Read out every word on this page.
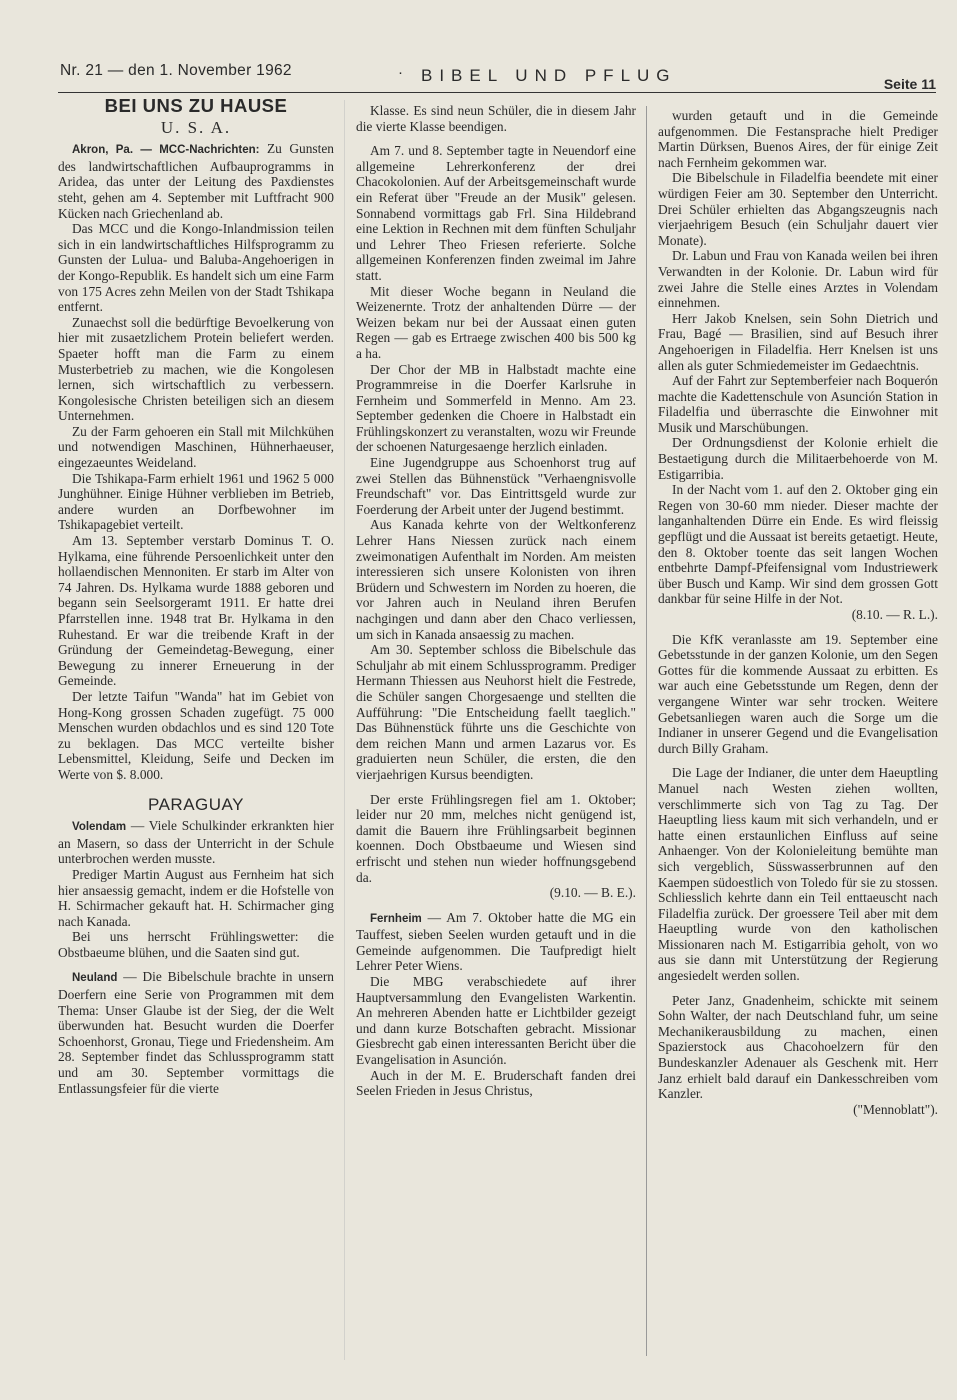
Nr. 21 — den 1. November 1962	· BIBEL UND PFLUG	Seite 11
BEI UNS ZU HAUSE
U. S. A.

Akron, Pa. — MCC-Nachrichten: Zu Gunsten des landwirtschaftlichen Aufbauprogramms in Aridea, das unter der Leitung des Paxdienstes steht, gehen am 4. September mit Luftfracht 900 Kücken nach Griechenland ab.

Das MCC und die Kongo-Inlandmission teilen sich in ein landwirtschaftliches Hilfsprogramm zu Gunsten der Lulua- und Baluba-Angehoerigen in der Kongo-Republik. Es handelt sich um eine Farm von 175 Acres zehn Meilen von der Stadt Tshikapa entfernt.

Zunaechst soll die bedürftige Bevoelkerung von hier mit zusaetzlichem Protein beliefert werden. Spaeter hofft man die Farm zu einem Musterbetrieb zu machen, wie die Kongolesen lernen, sich wirtschaftlich zu verbessern. Kongolesische Christen beteiligen sich an diesem Unternehmen.

Zu der Farm gehoeren ein Stall mit Milchkühen und notwendigen Maschinen, Hühnerhaeuser, eingezaeuntes Weideland.

Die Tshikapa-Farm erhielt 1961 und 1962 5 000 Junghühner. Einige Hühner verblieben im Betrieb, andere wurden an Dorfbewohner im Tshikapagebiet verteilt.

Am 13. September verstarb Dominus T. O. Hylkama, eine führende Persoenlichkeit unter den hollaendischen Mennoniten. Er starb im Alter von 74 Jahren. Ds. Hylkama wurde 1888 geboren und begann sein Seelsorgeramt 1911. Er hatte drei Pfarrstellen inne. 1948 trat Br. Hylkama in den Ruhestand. Er war die treibende Kraft in der Gründung der Gemeindetag-Bewegung, einer Bewegung zu innerer Erneuerung in der Gemeinde.

Der letzte Taifun "Wanda" hat im Gebiet von Hong-Kong grossen Schaden zugefügt. 75 000 Menschen wurden obdachlos und es sind 120 Tote zu beklagen. Das MCC verteilte bisher Lebensmittel, Kleidung, Seife und Decken im Werte von $. 8.000.

PARAGUAY

Volendam — Viele Schulkinder erkrankten hier an Masern, so dass der Unterricht in der Schule unterbrochen werden musste.

Prediger Martin August aus Fernheim hat sich hier ansaessig gemacht, indem er die Hofstelle von H. Schirmacher gekauft hat. H. Schirmacher ging nach Kanada.

Bei uns herrscht Frühlingswetter: die Obstbaeume blühen, und die Saaten sind gut.

Neuland — Die Bibelschule brachte in unsern Doerfern eine Serie von Programmen mit dem Thema: Unser Glaube ist der Sieg, der die Welt überwunden hat. Besucht wurden die Doerfer Schoenhorst, Gronau, Tiege und Friedensheim. Am 28. September findet das Schlussprogramm statt und am 30. September vormittags die Entlassungsfeier für die vierte

Klasse. Es sind neun Schüler, die in diesem Jahr die vierte Klasse beendigen.

Am 7. und 8. September tagte in Neuendorf eine allgemeine Lehrerkonferenz der drei Chacokolonien. Auf der Arbeitsgemeinschaft wurde ein Referat über "Freude an der Musik" gelesen. Sonnabend vormittags gab Frl. Sina Hildebrand eine Lektion in Rechnen mit dem fünften Schuljahr und Lehrer Theo Friesen referierte. Solche allgemeinen Konferenzen finden zweimal im Jahre statt.

Mit dieser Woche begann in Neuland die Weizenernte. Trotz der anhaltenden Dürre — der Weizen bekam nur bei der Aussaat einen guten Regen — gab es Ertraege zwischen 400 bis 500 kg a ha.

Der Chor der MB in Halbstadt machte eine Programmreise in die Doerfer Karlsruhe in Fernheim und Sommerfeld in Menno. Am 23. September gedenken die Choere in Halbstadt ein Frühlingskonzert zu veranstalten, wozu wir Freunde der schoenen Naturgesaenge herzlich einladen.

Eine Jugendgruppe aus Schoenhorst trug auf zwei Stellen das Bühnenstück "Verhaengnisvolle Freundschaft" vor. Das Eintrittsgeld wurde zur Foerderung der Arbeit unter der Jugend bestimmt.

Aus Kanada kehrte von der Weltkonferenz Lehrer Hans Niessen zurück nach einem zweimonatigen Aufenthalt im Norden. Am meisten interessieren sich unsere Kolonisten von ihren Brüdern und Schwestern im Norden zu hoeren, die vor Jahren auch in Neuland ihren Berufen nachgingen und dann aber den Chaco verliessen, um sich in Kanada ansaessig zu machen.

Am 30. September schloss die Bibelschule das Schuljahr ab mit einem Schlussprogramm. Prediger Hermann Thiessen aus Neuhorst hielt die Festrede, die Schüler sangen Chorgesaenge und stellten die Aufführung: "Die Entscheidung faellt taeglich." Das Bühnenstück führte uns die Geschichte von dem reichen Mann und armen Lazarus vor. Es graduierten neun Schüler, die ersten, die den vierjaehrigen Kursus beendigten.

Der erste Frühlingsregen fiel am 1. Oktober; leider nur 20 mm, melches nicht genügend ist, damit die Bauern ihre Frühlingsarbeit beginnen koennen. Doch Obstbaeume und Wiesen sind erfrischt und stehen nun wieder hoffnungsgebend da.
(9.10. — B. E.).

Fernheim — Am 7. Oktober hatte die MG ein Tauffest, sieben Seelen wurden getauft und in die Gemeinde aufgenommen. Die Taufpredigt hielt Lehrer Peter Wiens.

Die MBG verabschiedete auf ihrer Hauptversammlung den Evangelisten Warkentin. An mehreren Abenden hatte er Lichtbilder gezeigt und dann kurze Botschaften gebracht. Missionar Giesbrecht gab einen interessanten Bericht über die Evangelisation in Asunción.

Auch in der M. E. Bruderschaft fanden drei Seelen Frieden in Jesus Christus,

wurden getauft und in die Gemeinde aufgenommen. Die Festansprache hielt Prediger Martin Dürksen, Buenos Aires, der für einige Zeit nach Fernheim gekommen war.

Die Bibelschule in Filadelfia beendete mit einer würdigen Feier am 30. September den Unterricht. Drei Schüler erhielten das Abgangszeugnis nach vierjaehrigem Besuch (ein Schuljahr dauert vier Monate).

Dr. Labun und Frau von Kanada weilen bei ihren Verwandten in der Kolonie. Dr. Labun wird für zwei Jahre die Stelle eines Arztes in Volendam einnehmen.

Herr Jakob Knelsen, sein Sohn Dietrich und Frau, Bagé — Brasilien, sind auf Besuch ihrer Angehoerigen in Filadelfia. Herr Knelsen ist uns allen als guter Schmiedemeister im Gedaechtnis.

Auf der Fahrt zur Septemberfeier nach Boquerón machte die Kadettenschule von Asunción Station in Filadelfia und überraschte die Einwohner mit Musik und Marschübungen.

Der Ordnungsdienst der Kolonie erhielt die Bestaetigung durch die Militaerbehoerde von M. Estigarribia.

In der Nacht vom 1. auf den 2. Oktober ging ein Regen von 30-60 mm nieder. Dieser machte der langanhaltenden Dürre ein Ende. Es wird fleissig gepflügt und die Aussaat ist bereits getaetigt. Heute, den 8. Oktober toente das seit langen Wochen entbehrte Dampf-Pfeifensignal vom Industriewerk über Busch und Kamp. Wir sind dem grossen Gott dankbar für seine Hilfe in der Not.
(8.10. — R. L.).

Die KfK veranlasste am 19. September eine Gebetsstunde in der ganzen Kolonie, um den Segen Gottes für die kommende Aussaat zu erbitten. Es war auch eine Gebetsstunde um Regen, denn der vergangene Winter war sehr trocken. Weitere Gebetsanliegen waren auch die Sorge um die Indianer in unserer Gegend und die Evangelisation durch Billy Graham.

Die Lage der Indianer, die unter dem Haeuptling Manuel nach Westen ziehen wollten, verschlimmerte sich von Tag zu Tag. Der Haeuptling liess kaum mit sich verhandeln, und er hatte einen erstaunlichen Einfluss auf seine Anhaenger. Von der Kolonieleitung bemühte man sich vergeblich, Süsswasserbrunnen auf den Kaempen südoestlich von Toledo für sie zu stossen. Schliesslich kehrte dann ein Teil enttaeuscht nach Filadelfia zurück. Der groessere Teil aber mit dem Haeuptling wurde von den katholischen Missionaren nach M. Estigarribia geholt, von wo aus sie dann mit Unterstützung der Regierung angesiedelt werden sollen.

Peter Janz, Gnadenheim, schickte mit seinem Sohn Walter, der nach Deutschland fuhr, um seine Mechanikerausbildung zu machen, einen Spazierstock aus Chacohoelzern für den Bundeskanzler Adenauer als Geschenk mit. Herr Janz erhielt bald darauf ein Dankesschreiben vom Kanzler.
("Mennoblatt").
